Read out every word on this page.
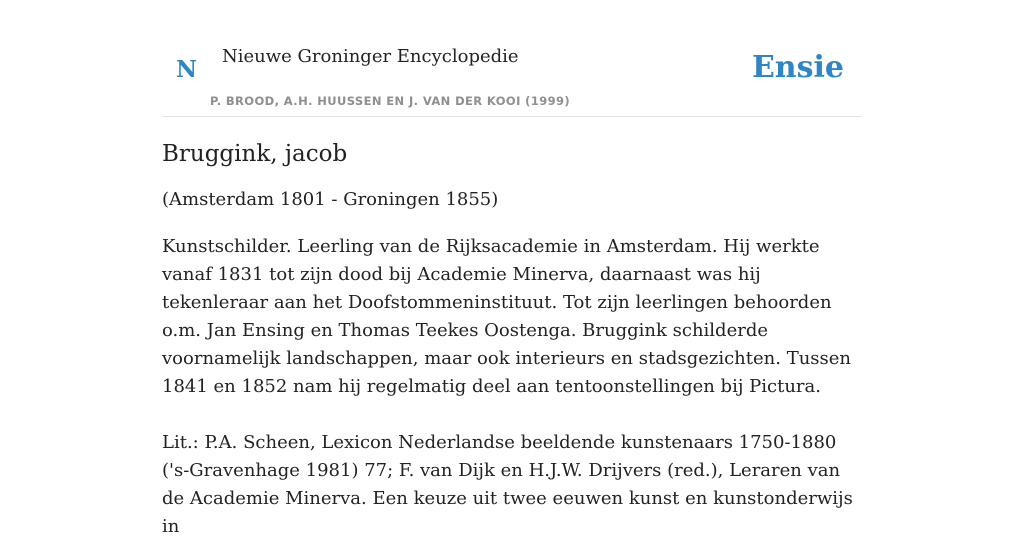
N Nieuwe Groninger Encyclopedie
P. BROOD, A.H. HUUSSEN EN J. VAN DER KOOI (1999)
Ensie
Bruggink, jacob

(Amsterdam 1801 - Groningen 1855)

Kunstschilder. Leerling van de Rijksacademie in Amsterdam. Hij werkte vanaf 1831 tot zijn dood bij Academie Minerva, daarnaast was hij tekenleraar aan het Doofstommeninstituut. Tot zijn leerlingen behoorden o.m. Jan Ensing en Thomas Teekes Oostenga. Bruggink schilderde voornamelijk landschappen, maar ook interieurs en stadsgezichten. Tussen 1841 en 1852 nam hij regelmatig deel aan tentoonstellingen bij Pictura.

Lit.: P.A. Scheen, Lexicon Nederlandse beeldende kunstenaars 1750-1880 ('s-Gravenhage 1981) 77; F. van Dijk en H.J.W. Drijvers (red.), Leraren van de Academie Minerva. Een keuze uit twee eeuwen kunst en kunstonderwijs in
